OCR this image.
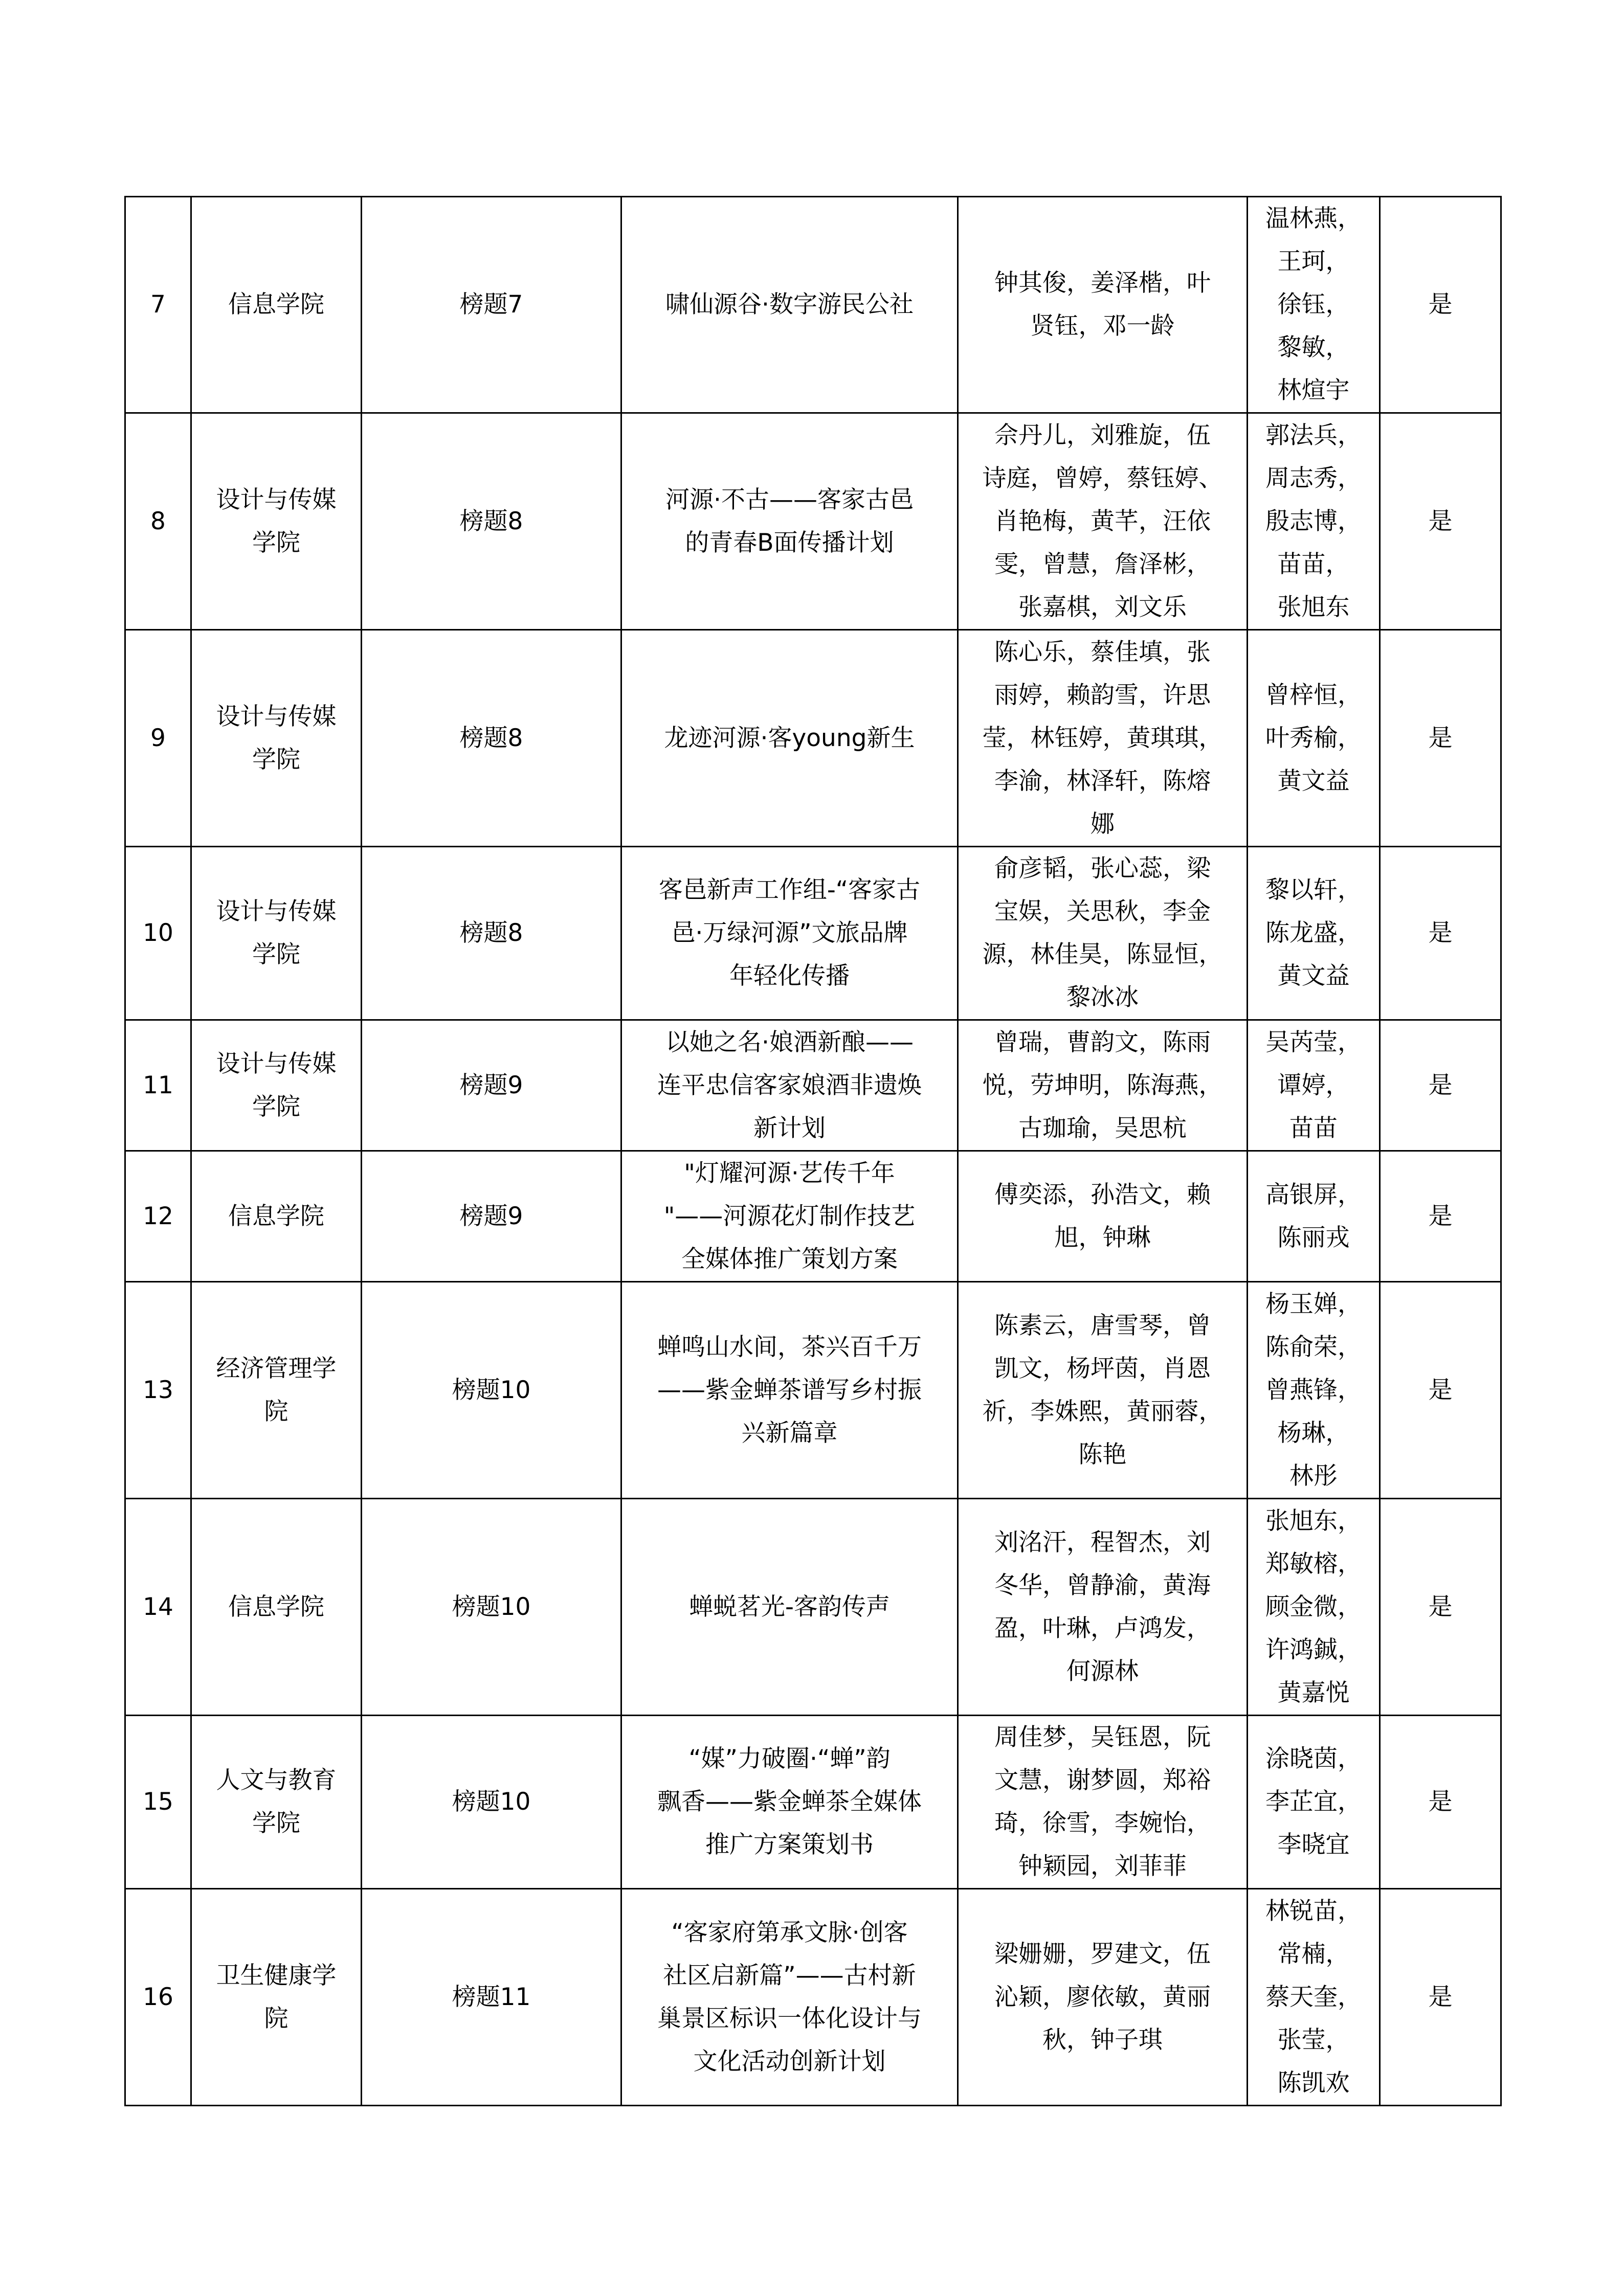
7	信息学院	榜题7	啸仙源谷·数字游民公社	钟其俊，姜泽楷，叶
贤钰，邓一龄	温林燕，
王珂，
徐钰，
黎敏，
林煊宇	是
8	设计与传媒
学院	榜题8	河源·不古——客家古邑
的青春B面传播计划	佘丹儿，刘雅旋，伍
诗庭，曾婷，蔡钰婷、
肖艳梅，黄芊，汪依
雯，曾慧，詹泽彬，
张嘉棋，刘文乐	郭法兵，
周志秀，
殷志博，
苗苗，
张旭东	是
9	设计与传媒
学院	榜题8	龙迹河源·客young新生	陈心乐，蔡佳填，张
雨婷，赖韵雪，许思
莹，林钰婷，黄琪琪，
李渝，林泽轩，陈熔
娜	曾梓恒，
叶秀榆，
黄文益	是
10	设计与传媒
学院	榜题8	客邑新声工作组-“客家古
邑·万绿河源”文旅品牌
年轻化传播	俞彦韬，张心蕊，梁
宝娱，关思秋，李金
源，林佳昊，陈显恒，
黎冰冰	黎以轩，
陈龙盛，
黄文益	是
11	设计与传媒
学院	榜题9	以她之名·娘酒新酿——
连平忠信客家娘酒非遗焕
新计划	曾瑞，曹韵文，陈雨
悦，劳坤明，陈海燕，
古珈瑜，吴思杭	吴芮莹，
谭婷，
苗苗	是
12	信息学院	榜题9	"灯耀河源·艺传千年
"——河源花灯制作技艺
全媒体推广策划方案	傅奕添，孙浩文，赖
旭，钟琳	高银屏，
陈丽戎	是
13	经济管理学
院	榜题10	蝉鸣山水间，茶兴百千万
——紫金蝉茶谱写乡村振
兴新篇章	陈素云，唐雪琴，曾
凯文，杨坪茵，肖恩
祈，李姝熙，黄丽蓉，
陈艳	杨玉婵，
陈俞荣，
曾燕锋，
杨琳，
林彤	是
14	信息学院	榜题10	蝉蜕茗光-客韵传声	刘洺汗，程智杰，刘
冬华，曾静渝，黄海
盈，叶琳，卢鸿发，
何源林	张旭东，
郑敏榕，
顾金微，
许鸿鋮，
黄嘉悦	是
15	人文与教育
学院	榜题10	“媒”力破圈·“蝉”韵
飘香——紫金蝉茶全媒体
推广方案策划书	周佳梦，吴钰恩，阮
文慧，谢梦圆，郑裕
琦，徐雪，李婉怡，
钟颖园，刘菲菲	涂晓茵，
李芷宜，
李晓宜	是
16	卫生健康学
院	榜题11	“客家府第承文脉·创客
社区启新篇”——古村新
巢景区标识一体化设计与
文化活动创新计划	梁姗姗，罗建文，伍
沁颖，廖依敏，黄丽
秋，钟子琪	林锐苗，
常楠，
蔡天奎，
张莹，
陈凯欢	是
